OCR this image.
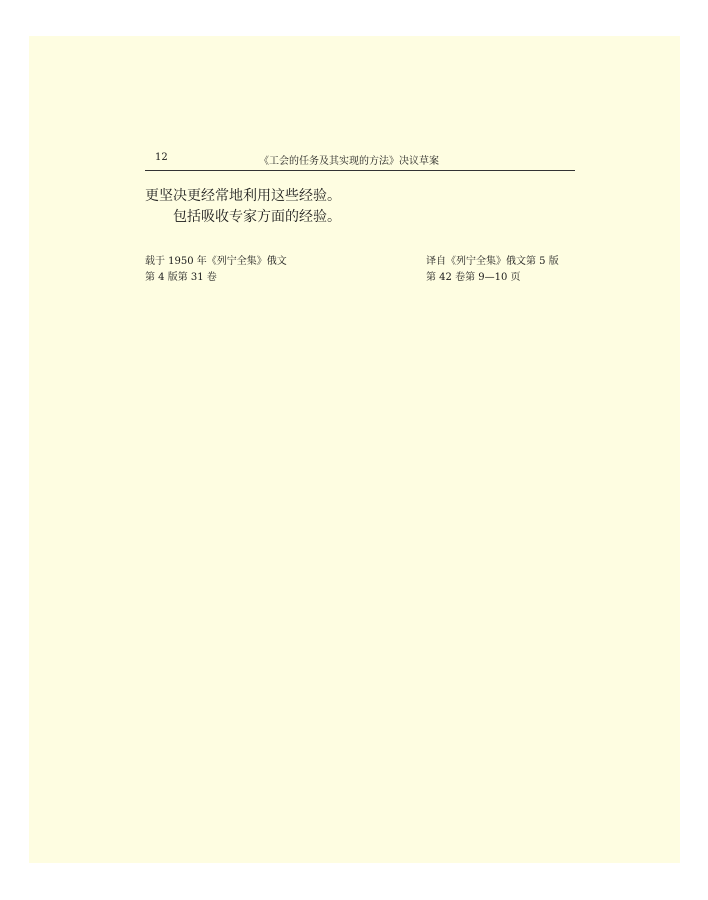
12	《工会的任务及其实现的方法》决议草案

更坚决更经常地利用这些经验。

包括吸收专家方面的经验。

载于 1950 年《列宁全集》俄文
第 4 版第 31 卷
译自《列宁全集》俄文第 5 版
第 42 卷第 9—10 页
